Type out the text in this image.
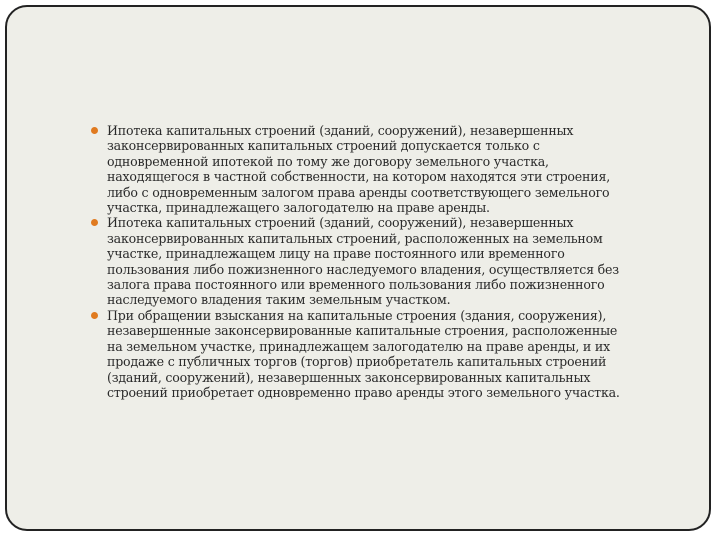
Ипотека капитальных строений (зданий, сооружений), незавершенных
законсервированных капитальных строений допускается только с
одновременной ипотекой по тому же договору земельного участка,
находящегося в частной собственности, на котором находятся эти строения,
либо с одновременным залогом права аренды соответствующего земельного
участка, принадлежащего залогодателю на праве аренды.
Ипотека капитальных строений (зданий, сооружений), незавершенных
законсервированных капитальных строений, расположенных на земельном
участке, принадлежащем лицу на праве постоянного или временного
пользования либо пожизненного наследуемого владения, осуществляется без
залога права постоянного или временного пользования либо пожизненного
наследуемого владения таким земельным участком.
При обращении взыскания на капитальные строения (здания, сооружения),
незавершенные законсервированные капитальные строения, расположенные
на земельном участке, принадлежащем залогодателю на праве аренды, и их
продаже с публичных торгов (торгов) приобретатель капитальных строений
(зданий, сооружений), незавершенных законсервированных капитальных
строений приобретает одновременно право аренды этого земельного участка.
